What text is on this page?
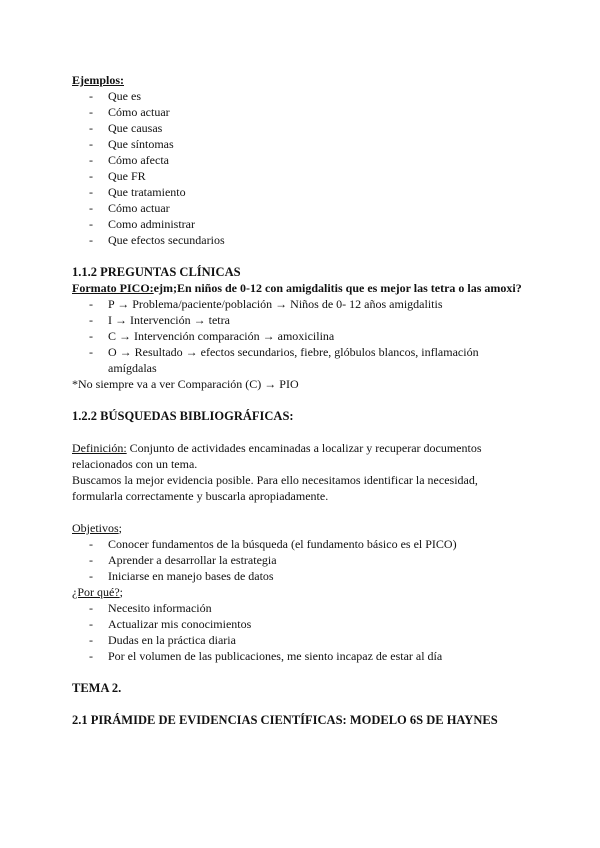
Ejemplos:
- Que es
- Cómo actuar
- Que causas
- Que síntomas
- Cómo afecta
- Que FR
- Que tratamiento
- Cómo actuar
- Como administrar
- Que efectos secundarios
1.1.2 PREGUNTAS CLÍNICAS
Formato PICO:ejm;En niños de 0-12 con amigdalitis que es mejor las tetra o las amoxi?
- P → Problema/paciente/población → Niños de 0- 12 años amigdalitis
- I → Intervención → tetra
- C → Intervención comparación → amoxicilina
- O → Resultado → efectos secundarios, fiebre, glóbulos blancos, inflamación
amígdalas
*No siempre va a ver Comparación (C) → PIO
1.2.2 BÚSQUEDAS BIBLIOGRÁFICAS:
Definición: Conjunto de actividades encaminadas a localizar y recuperar documentos
relacionados con un tema.
Buscamos la mejor evidencia posible. Para ello necesitamos identificar la necesidad,
formularla correctamente y buscarla apropiadamente.
Objetivos;
- Conocer fundamentos de la búsqueda (el fundamento básico es el PICO)
- Aprender a desarrollar la estrategia
- Iniciarse en manejo bases de datos
¿Por qué?;
- Necesito información
- Actualizar mis conocimientos
- Dudas en la práctica diaria
- Por el volumen de las publicaciones, me siento incapaz de estar al día
TEMA 2.
2.1 PIRÁMIDE DE EVIDENCIAS CIENTÍFICAS: MODELO 6S DE HAYNES
